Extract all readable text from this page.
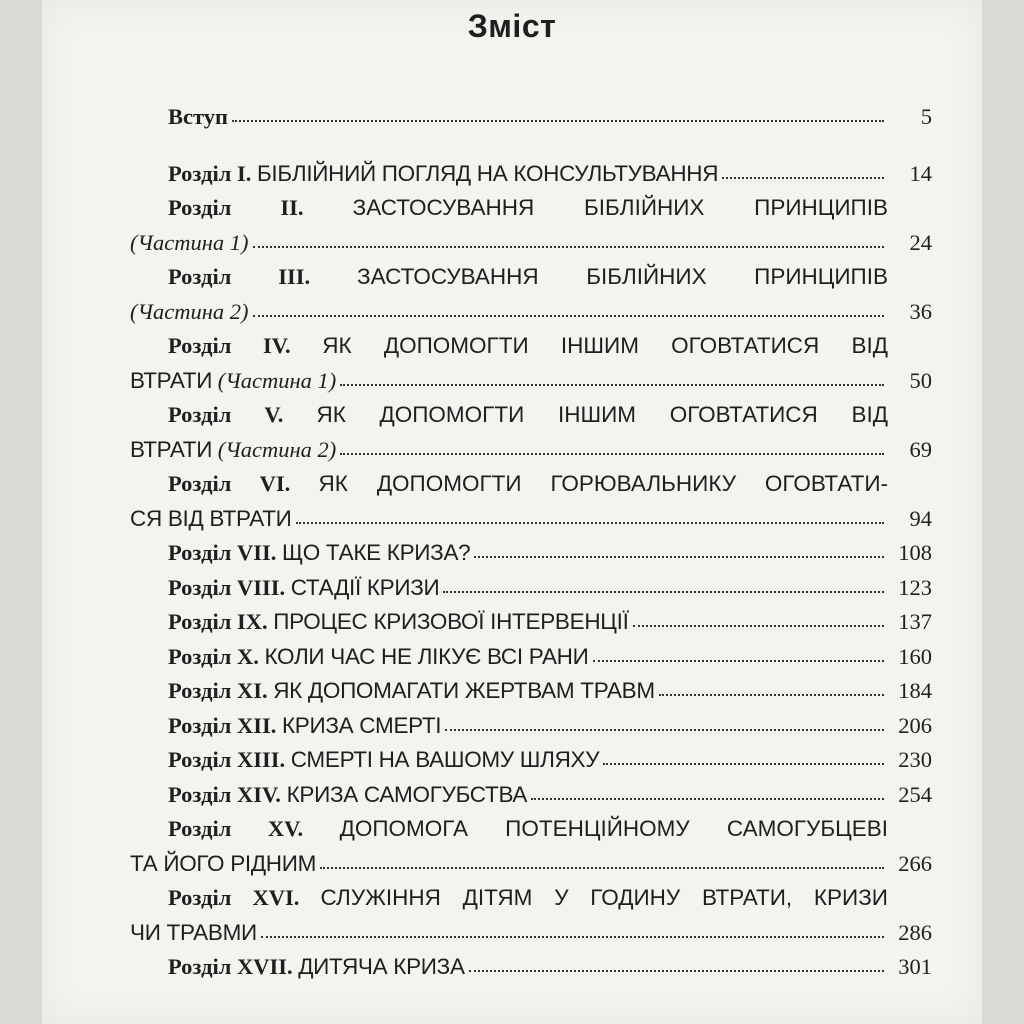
Зміст
Вступ	5
Розділ І.
БІБЛІЙНИЙ ПОГЛЯД НА КОНСУЛЬТУВАННЯ	14
Розділ ІІ. ЗАСТОСУВАННЯ БІБЛІЙНИХ ПРИНЦИПІВ
(Частина 1)	24
Розділ ІІІ. ЗАСТОСУВАННЯ БІБЛІЙНИХ ПРИНЦИПІВ
(Частина 2)	36
Розділ IV. ЯК ДОПОМОГТИ ІНШИМ ОГОВТАТИСЯ ВІД
ВТРАТИ
(Частина 1)	50
Розділ V. ЯК ДОПОМОГТИ ІНШИМ ОГОВТАТИСЯ ВІД
ВТРАТИ
(Частина 2)	69
Розділ VI. ЯК ДОПОМОГТИ ГОРЮВАЛЬНИКУ ОГОВТАТИ-
СЯ ВІД ВТРАТИ	94
Розділ VII.
ЩО ТАКЕ КРИЗА?	108
Розділ VIII.
СТАДІЇ КРИЗИ	123
Розділ IX.
ПРОЦЕС КРИЗОВОЇ ІНТЕРВЕНЦІЇ	137
Розділ X.
КОЛИ ЧАС НЕ ЛІКУЄ ВСІ РАНИ	160
Розділ XI.
ЯК ДОПОМАГАТИ ЖЕРТВАМ ТРАВМ	184
Розділ XII.
КРИЗА СМЕРТІ	206
Розділ XIII.
СМЕРТІ НА ВАШОМУ ШЛЯХУ	230
Розділ XIV.
КРИЗА САМОГУБСТВА	254
Розділ XV. ДОПОМОГА ПОТЕНЦІЙНОМУ САМОГУБЦЕВІ
ТА ЙОГО РІДНИМ	266
Розділ XVI. СЛУЖІННЯ ДІТЯМ У ГОДИНУ ВТРАТИ, КРИЗИ
ЧИ ТРАВМИ	286
Розділ XVII.
ДИТЯЧА КРИЗА	301
